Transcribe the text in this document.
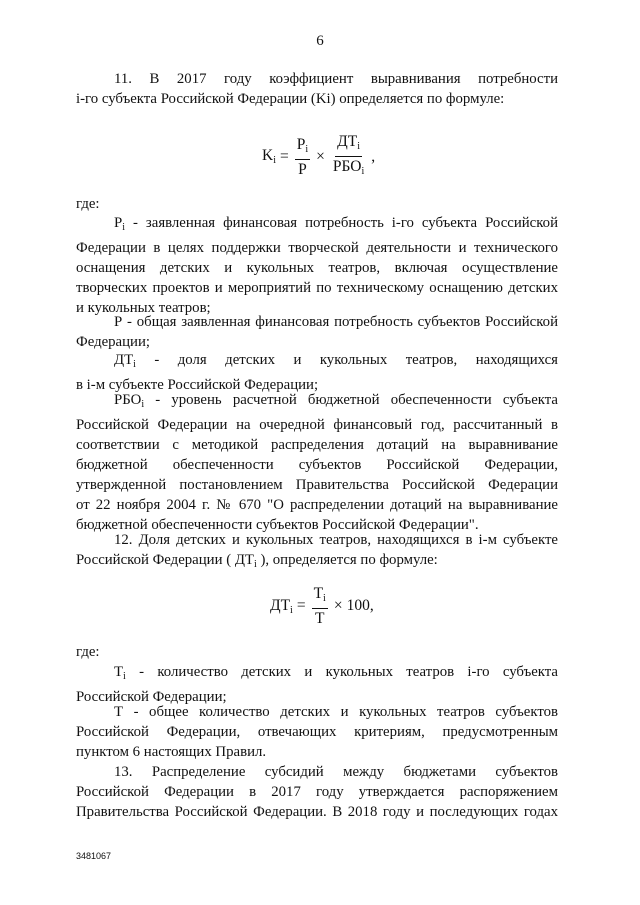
6
11. В 2017 году коэффициент выравнивания потребности
i-го субъекта Российской Федерации (Ki) определяется по формуле:
$K_i = \frac{P_i}{P} \times \frac{ДТ_i}{РБО_i}$ ,
где:
$P_i$ - заявленная финансовая потребность i-го субъекта Российской
Федерации в целях поддержки творческой деятельности и технического
оснащения детских и кукольных театров, включая осуществление
творческих проектов и мероприятий по техническому оснащению детских
и кукольных театров;
Р - общая заявленная финансовая потребность субъектов Российской
Федерации;
$ДТ_i$ - доля детских и кукольных театров, находящихся
в i-м субъекте Российской Федерации;
$РБО_i$ - уровень расчетной бюджетной обеспеченности субъекта
Российской Федерации на очередной финансовый год, рассчитанный в
соответствии с методикой распределения дотаций на выравнивание
бюджетной обеспеченности субъектов Российской Федерации,
утвержденной постановлением Правительства Российской Федерации
от 22 ноября 2004 г. № 670 "О распределении дотаций на выравнивание
бюджетной обеспеченности субъектов Российской Федерации".
12. Доля детских и кукольных театров, находящихся в i-м субъекте
Российской Федерации ( $ДТ_i$ ), определяется по формуле:
$ДТ_i = \frac{T_i}{T} \times 100$ ,
где:
$T_i$ - количество детских и кукольных театров i-го субъекта
Российской Федерации;
Т - общее количество детских и кукольных театров субъектов
Российской Федерации, отвечающих критериям, предусмотренным
пунктом 6 настоящих Правил.
13. Распределение субсидий между бюджетами субъектов
Российской Федерации в 2017 году утверждается распоряжением
Правительства Российской Федерации. В 2018 году и последующих годах
3481067
